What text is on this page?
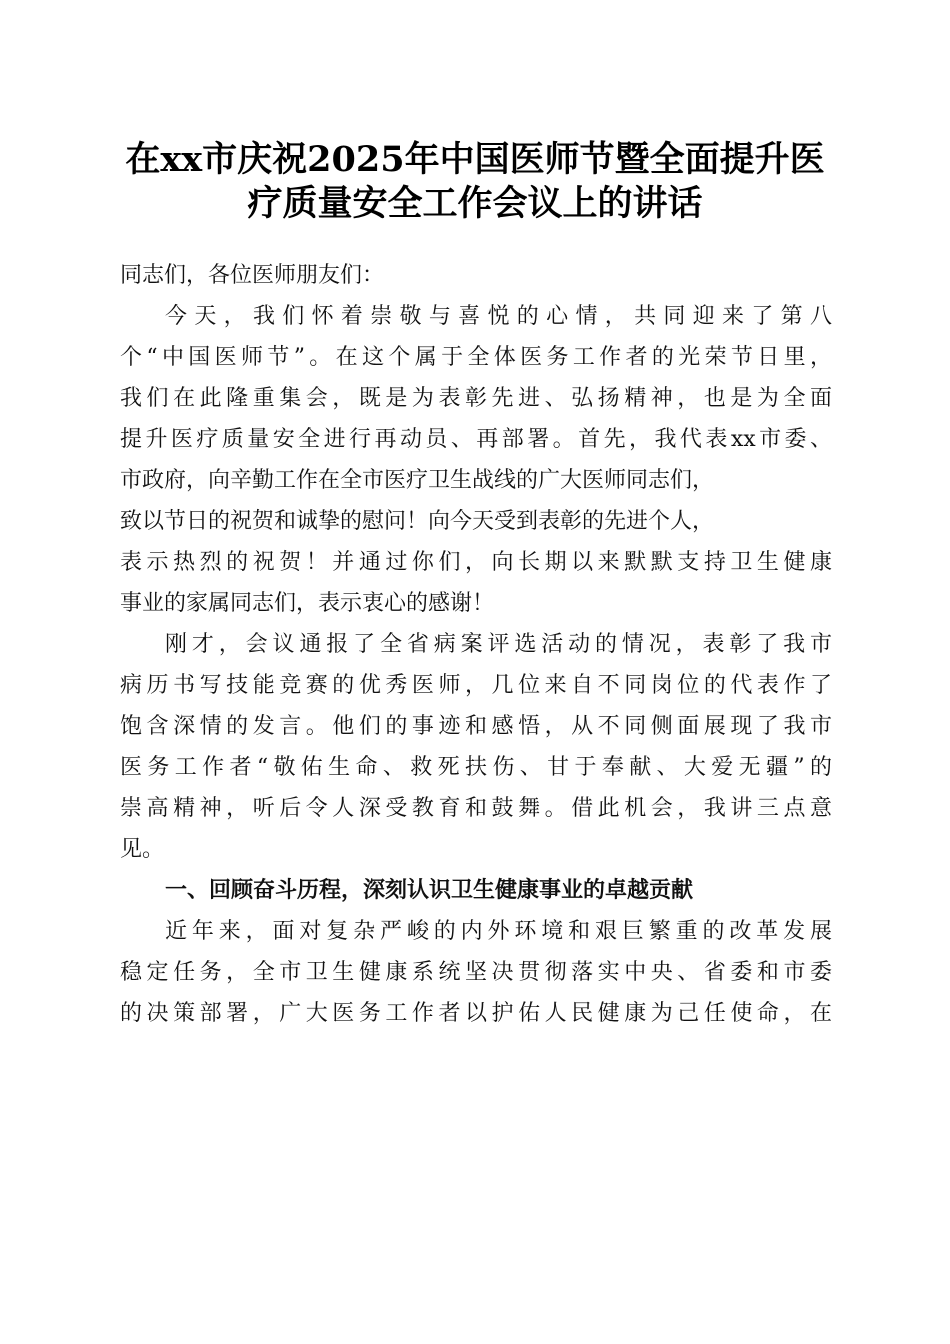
在xx市庆祝2025年中国医师节暨全面提升医
疗质量安全工作会议上的讲话
同志们，各位医师朋友们：
今天，我们怀着崇敬与喜悦的心情，共同迎来了第八
个“中国医师节”。在这个属于全体医务工作者的光荣节日里，
我们在此隆重集会，既是为表彰先进、弘扬精神，也是为全面
提升医疗质量安全进行再动员、再部署。首先，我代表xx市委、
市政府，向辛勤工作在全市医疗卫生战线的广大医师同志们，
致以节日的祝贺和诚挚的慰问！向今天受到表彰的先进个人，
表示热烈的祝贺！并通过你们，向长期以来默默支持卫生健康
事业的家属同志们，表示衷心的感谢！
刚才，会议通报了全省病案评选活动的情况，表彰了我市
病历书写技能竞赛的优秀医师，几位来自不同岗位的代表作了
饱含深情的发言。他们的事迹和感悟，从不同侧面展现了我市
医务工作者“敬佑生命、救死扶伤、甘于奉献、大爱无疆”的
崇高精神，听后令人深受教育和鼓舞。借此机会，我讲三点意
见。
一、回顾奋斗历程，深刻认识卫生健康事业的卓越贡献
近年来，面对复杂严峻的内外环境和艰巨繁重的改革发展
稳定任务，全市卫生健康系统坚决贯彻落实中央、省委和市委
的决策部署，广大医务工作者以护佑人民健康为己任使命，在
